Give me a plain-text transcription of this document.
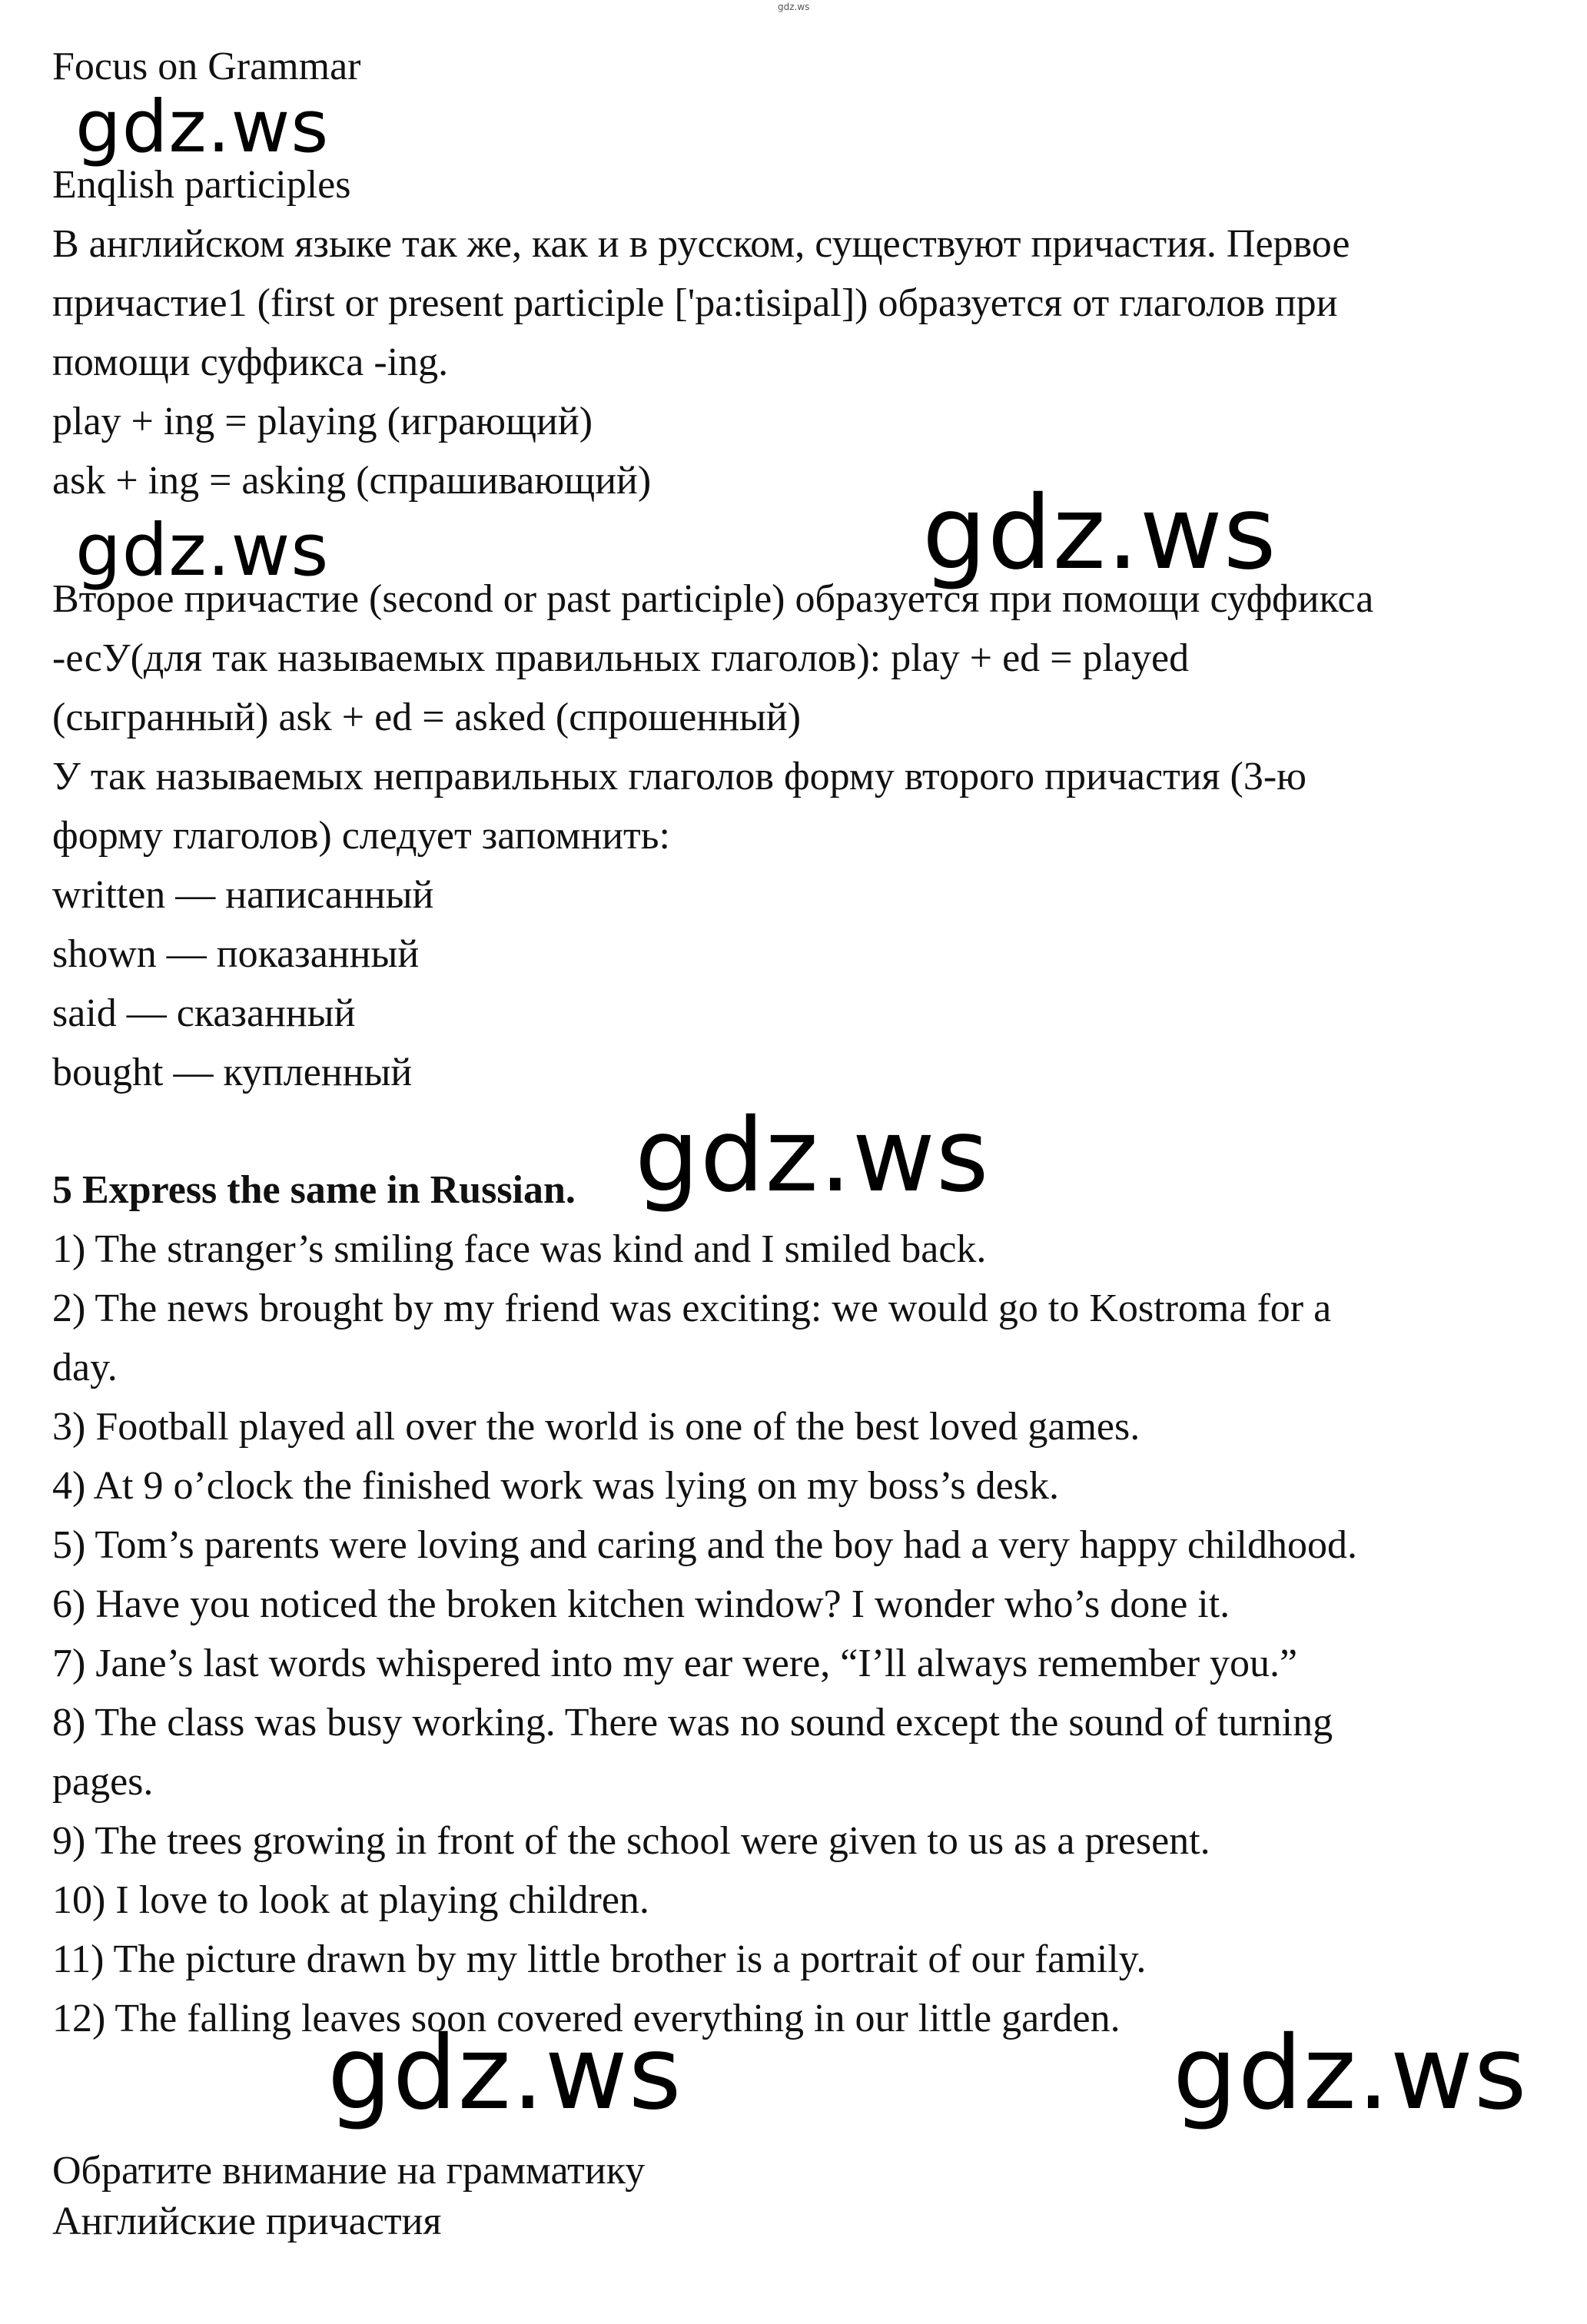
gdz.ws
Focus on Grammar
gdz.ws
Enqlish participles
В английском языке так же, как и в русском, существуют причастия. Первое
причастие1 (first or present participle ['pa:tisipal]) образуется от глаголов при
помощи суффикса -ing.
play + ing = playing (играющий)
ask + ing = asking (спрашивающий)
gdz.ws	gdz.ws
Второе причастие (second or past participle) образуется при помощи суффикса
-есУ(для так называемых правильных глаголов): play + ed = played
(сыгранный) ask + ed = asked (спрошенный)
У так называемых неправильных глаголов форму второго причастия (3-ю
форму глаголов) следует запомнить:
written — написанный
shown — показанный
said — сказанный
bought — купленный
5 Express the same in Russian. gdz.ws
1) The stranger’s smiling face was kind and I smiled back.
2) The news brought by my friend was exciting: we would go to Kostroma for a
day.
3) Football played all over the world is one of the best loved games.
4) At 9 o’clock the finished work was lying on my boss’s desk.
5) Tom’s parents were loving and caring and the boy had a very happy childhood.
6) Have you noticed the broken kitchen window? I wonder who’s done it.
7) Jane’s last words whispered into my ear were, “I’ll always remember you.”
8) The class was busy working. There was no sound except the sound of turning
pages.
9) The trees growing in front of the school were given to us as a present.
10) I love to look at playing children.
11) The picture drawn by my little brother is a portrait of our family.
12) The falling leaves soon covered everything in our little garden.
gdz.ws	gdz.ws
Обратите внимание на грамматику
Английские причастия
